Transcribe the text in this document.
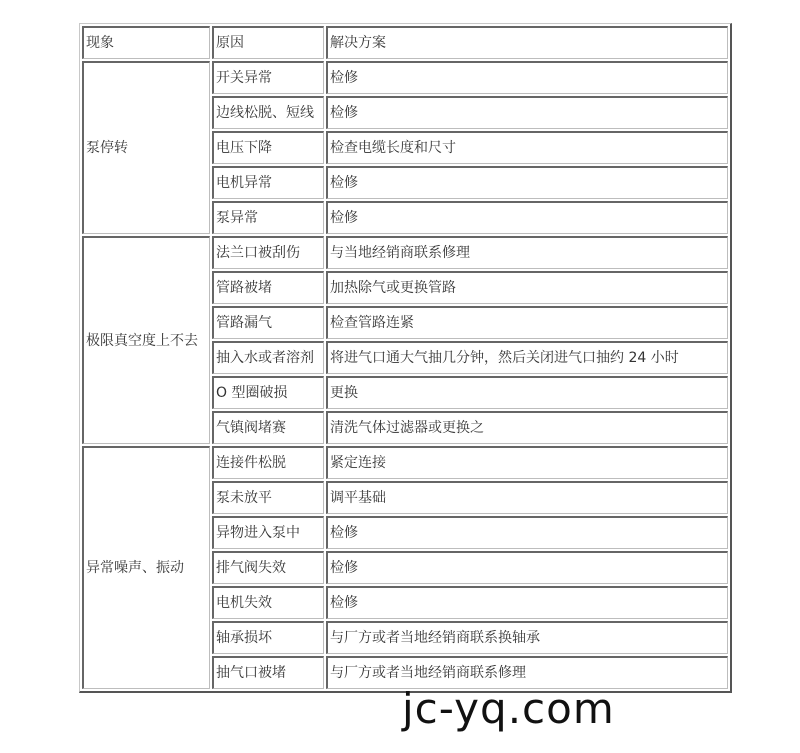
现象	原因	解决方案
泵停转	开关异常	检修
	边线松脱、短线	检修
	电压下降	检查电缆长度和尺寸
	电机异常	检修
	泵异常	检修
极限真空度上不去	法兰口被刮伤	与当地经销商联系修理
	管路被堵	加热除气或更换管路
	管路漏气	检查管路连紧
	抽入水或者溶剂	将进气口通大气抽几分钟，然后关闭进气口抽约 24 小时
	O 型圈破损	更换
	气镇阀堵赛	清洗气体过滤器或更换之
异常噪声、振动	连接件松脱	紧定连接
	泵未放平	调平基础
	异物进入泵中	检修
	排气阀失效	检修
	电机失效	检修
	轴承损坏	与厂方或者当地经销商联系换轴承
	抽气口被堵	与厂方或者当地经销商联系修理
jc-yq.com
